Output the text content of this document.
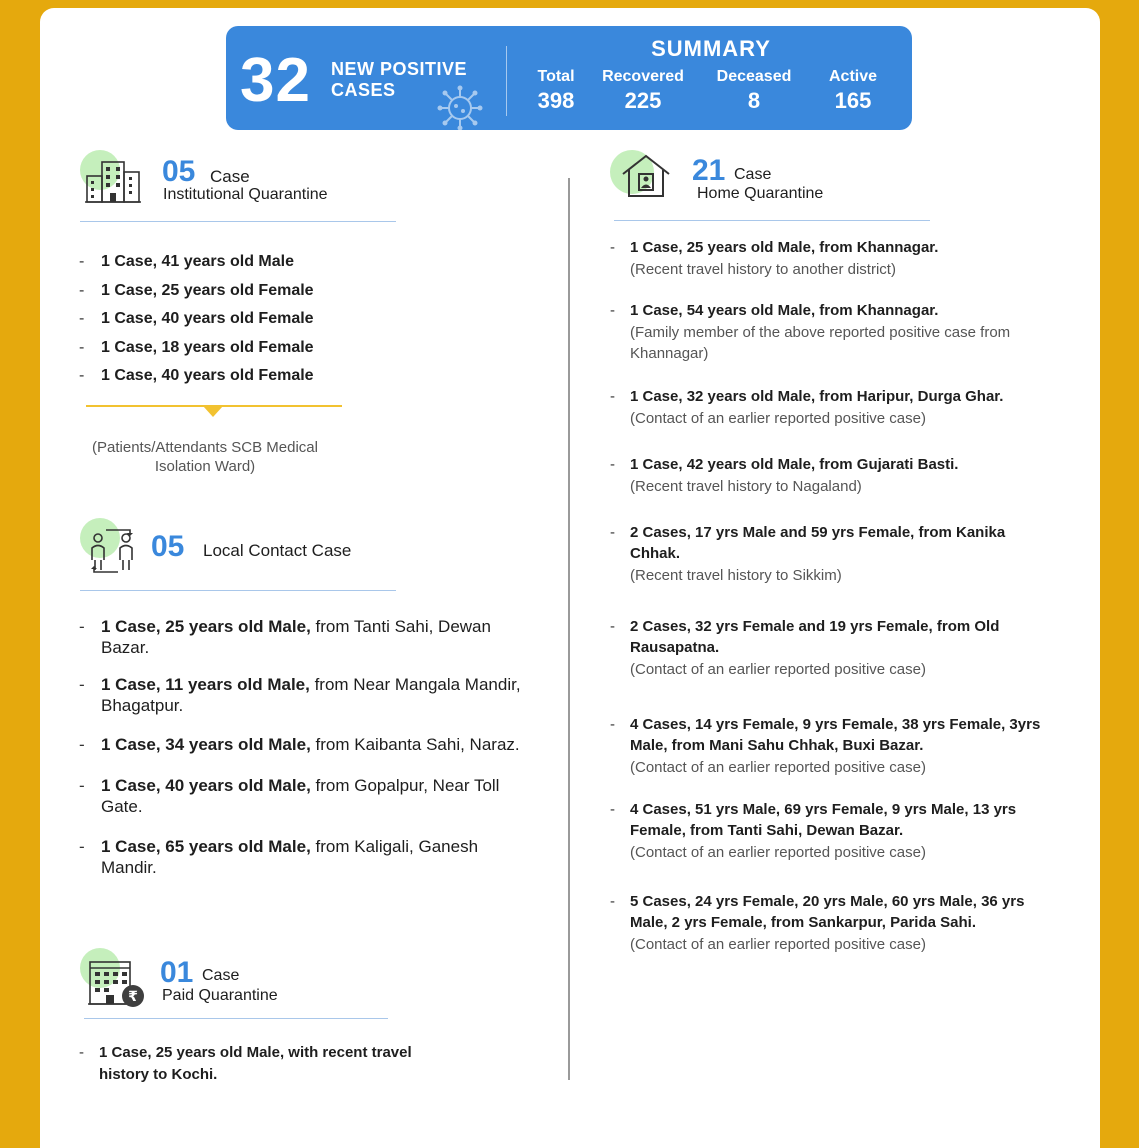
32 NEW POSITIVE
CASES
SUMMARY
Total
398
Recovered
225
Deceased
8
Active
165
05 Case
Institutional Quarantine
- 1 Case, 41 years old Male
- 1 Case, 25 years old Female
- 1 Case, 40 years old Female
- 1 Case, 18 years old Female
- 1 Case, 40 years old Female
(Patients/Attendants SCB Medical Isolation Ward)
05 Local Contact Case
- 1 Case, 25 years old Male, from Tanti Sahi, Dewan Bazar.
- 1 Case, 11 years old Male, from Near Mangala Mandir, Bhagatpur.
- 1 Case, 34 years old Male, from Kaibanta Sahi, Naraz.
- 1 Case, 40 years old Male, from Gopalpur, Near Toll Gate.
- 1 Case, 65 years old Male, from Kaligali, Ganesh Mandir.
₹
01 Case
Paid Quarantine
- 1 Case, 25 years old Male, with recent travel history to Kochi.
21 Case
Home Quarantine
- 1 Case, 25 years old Male, from Khannagar.
(Recent travel history to another district)
- 1 Case, 54 years old Male, from Khannagar.
(Family member of the above reported positive case from Khannagar)
- 1 Case, 32 years old Male, from Haripur, Durga Ghar.
(Contact of an earlier reported positive case)
- 1 Case, 42 years old Male, from Gujarati Basti.
(Recent travel history to Nagaland)
- 2 Cases, 17 yrs Male and 59 yrs Female, from Kanika Chhak.
(Recent travel history to Sikkim)
- 2 Cases, 32 yrs Female and 19 yrs Female, from Old Rausapatna.
(Contact of an earlier reported positive case)
- 4 Cases, 14 yrs Female, 9 yrs Female, 38 yrs Female, 3yrs Male, from Mani Sahu Chhak, Buxi Bazar.
(Contact of an earlier reported positive case)
- 4 Cases, 51 yrs Male, 69 yrs Female, 9 yrs Male, 13 yrs Female, from Tanti Sahi, Dewan Bazar.
(Contact of an earlier reported positive case)
- 5 Cases, 24 yrs Female, 20 yrs Male, 60 yrs Male, 36 yrs Male, 2 yrs Female, from Sankarpur, Parida Sahi.
(Contact of an earlier reported positive case)
